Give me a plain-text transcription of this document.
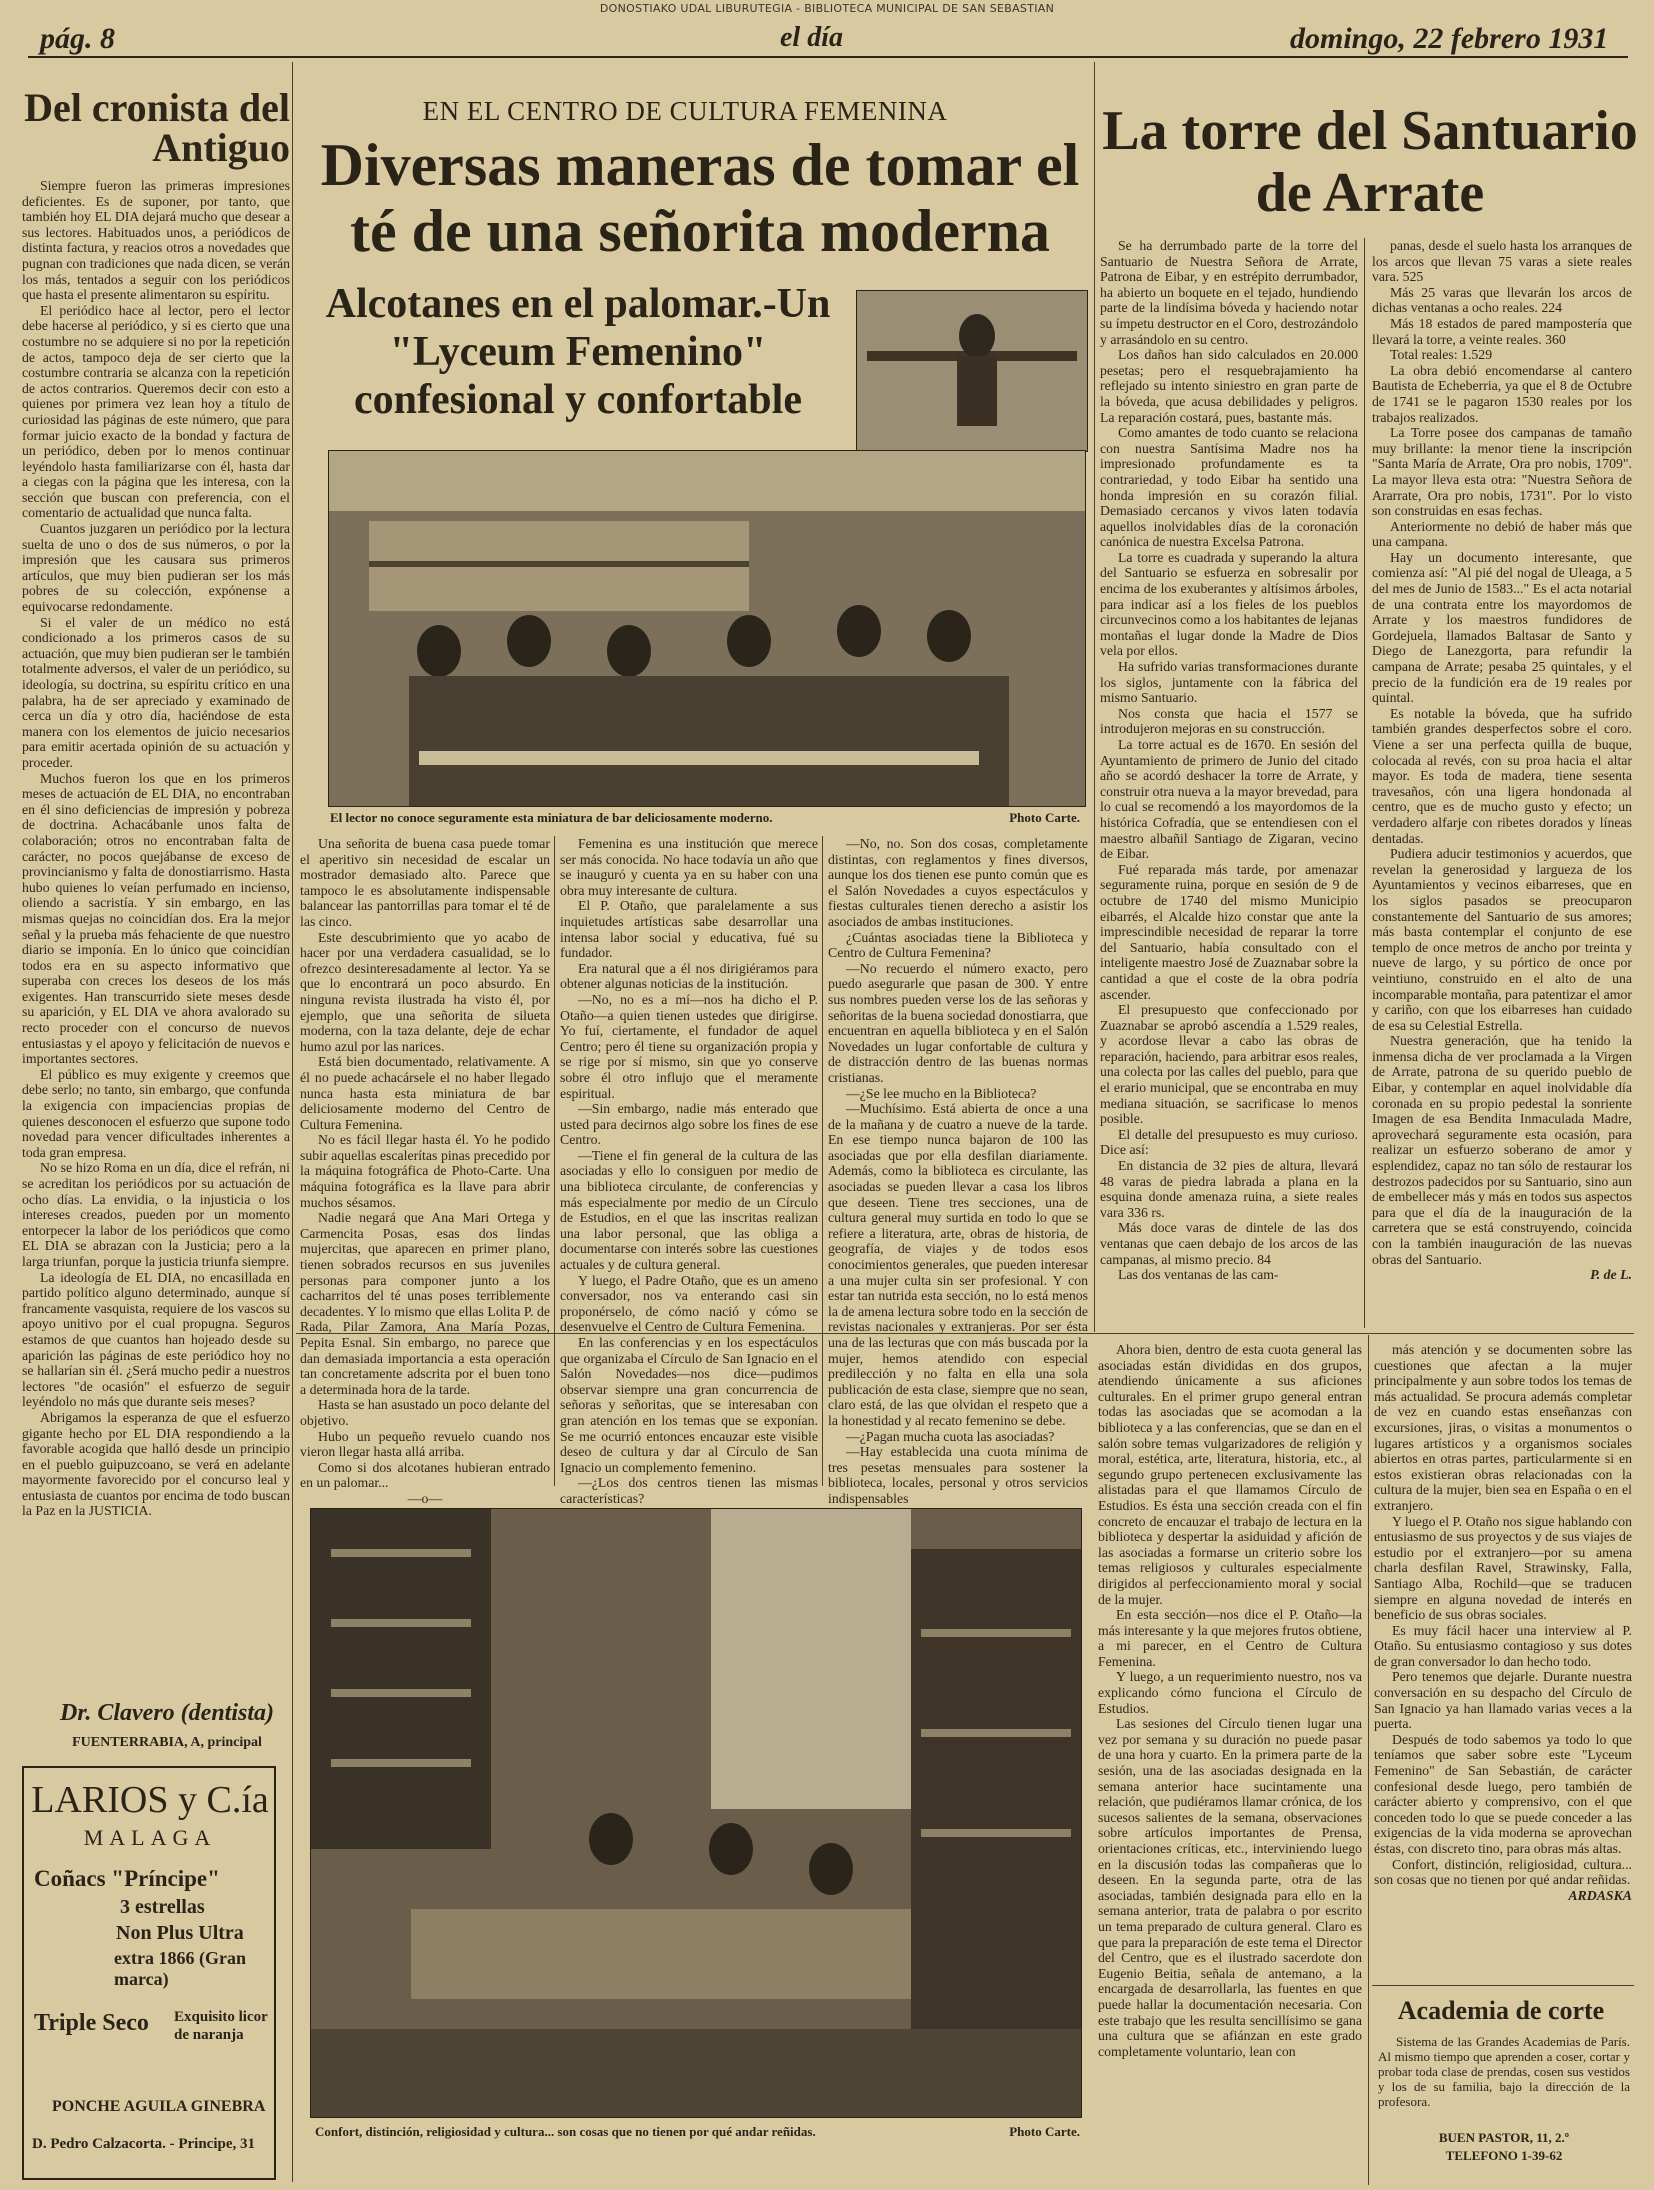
DONOSTIAKO UDAL LIBURUTEGIA - BIBLIOTECA MUNICIPAL DE SAN SEBASTIAN
pág. 8	el día	domingo, 22 febrero 1931
Del cronista del Antiguo

Siempre fueron las primeras impresiones deficientes. Es de suponer, por tanto, que también hoy EL DIA dejará mucho que desear a sus lectores. Habituados unos, a periódicos de distinta factura, y reacios otros a novedades que pugnan con tradiciones que nada dicen, se verán los más, tentados a seguir con los periódicos que hasta el presente alimentaron su espíritu.

El periódico hace al lector, pero el lector debe hacerse al periódico, y si es cierto que una costumbre no se adquiere si no por la repetición de actos, tampoco deja de ser cierto que la costumbre contraria se alcanza con la repetición de actos contrarios. Queremos decir con esto a quienes por primera vez lean hoy a título de curiosidad las páginas de este número, que para formar juicio exacto de la bondad y factura de un periódico, deben por lo menos continuar leyéndolo hasta familiarizarse con él, hasta dar a ciegas con la página que les interesa, con la sección que buscan con preferencia, con el comentario de actualidad que nunca falta.

Cuantos juzgaren un periódico por la lectura suelta de uno o dos de sus números, o por la impresión que les causara sus primeros artículos, que muy bien pudieran ser los más pobres de su colección, expónense a equivocarse redondamente.

Si el valer de un médico no está condicionado a los primeros casos de su actuación, que muy bien pudieran ser le también totalmente adversos, el valer de un periódico, su ideología, su doctrina, su espíritu crítico en una palabra, ha de ser apreciado y examinado de cerca un día y otro día, haciéndose de esta manera con los elementos de juicio necesarios para emitir acertada opinión de su actuación y proceder.

Muchos fueron los que en los primeros meses de actuación de EL DIA, no encontraban en él sino deficiencias de impresión y pobreza de doctrina. Achacábanle unos falta de colaboración; otros no encontraban falta de carácter, no pocos quejábanse de exceso de provincianismo y falta de donostiarrismo. Hasta hubo quienes lo veían perfumado en incienso, oliendo a sacristía. Y sin embargo, en las mismas quejas no coincidían dos. Era la mejor señal y la prueba más fehaciente de que nuestro diario se imponía. En lo único que coincidían todos era en su aspecto informativo que superaba con creces los deseos de los más exigentes. Han transcurrido siete meses desde su aparición, y EL DIA ve ahora avalorado su recto proceder con el concurso de nuevos entusiastas y el apoyo y felicitación de nuevos e importantes sectores.

El público es muy exigente y creemos que debe serlo; no tanto, sin embargo, que confunda la exigencia con impaciencias propias de quienes desconocen el esfuerzo que supone todo novedad para vencer dificultades inherentes a toda gran empresa.

No se hizo Roma en un día, dice el refrán, ni se acreditan los periódicos por su actuación de ocho días. La envidia, o la injusticia o los intereses creados, pueden por un momento entorpecer la labor de los periódicos que como EL DIA se abrazan con la Justicia; pero a la larga triunfan, porque la justicia triunfa siempre.

La ideología de EL DIA, no encasillada en partido político alguno determinado, aunque sí francamente vasquista, requiere de los vascos su apoyo unitivo por el cual propugna. Seguros estamos de que cuantos han hojeado desde su aparición las páginas de este periódico hoy no se hallarían sin él. ¿Será mucho pedir a nuestros lectores "de ocasión" el esfuerzo de seguir leyéndolo no más que durante seis meses?

Abrigamos la esperanza de que el esfuerzo gigante hecho por EL DIA respondiendo a la favorable acogida que halló desde un principio en el pueblo guipuzcoano, se verá en adelante mayormente favorecido por el concurso leal y entusiasta de cuantos por encima de todo buscan la Paz en la JUSTICIA.

Dr. Clavero (dentista)
FUENTERRABIA, A, principal
LARIOS y C.ía
MALAGA
Coñacs "Príncipe"
3 estrellas
Non Plus Ultra
extra 1866 (Gran marca)
Triple Seco Exquisito licor de naranja
PONCHE AGUILA GINEBRA
D. Pedro Calzacorta. - Principe, 31
EN EL CENTRO DE CULTURA FEMENINA
Diversas maneras de tomar el té de una señorita moderna
Alcotanes en el palomar.-Un "Lyceum Femenino" confesional y confortable
El lector no conoce seguramente esta miniatura de bar deliciosamente moderno.	Photo Carte.

Una señorita de buena casa puede tomar el aperitivo sin necesidad de escalar un mostrador demasiado alto. Parece que tampoco le es absolutamente indispensable balancear las pantorrillas para tomar el té de las cinco.

Este descubrimiento que yo acabo de hacer por una verdadera casualidad, se lo ofrezco desinteresadamente al lector. Ya se que lo encontrará un poco absurdo. En ninguna revista ilustrada ha visto él, por ejemplo, que una señorita de silueta moderna, con la taza delante, deje de echar humo azul por las narices.

Está bien documentado, relativamente. A él no puede achacársele el no haber llegado nunca hasta esta miniatura de bar deliciosamente moderno del Centro de Cultura Femenina.

No es fácil llegar hasta él. Yo he podido subir aquellas escalerítas pinas precedido por la máquina fotográfica de Photo-Carte. Una máquina fotográfica es la llave para abrir muchos sésamos.

Nadie negará que Ana Mari Ortega y Carmencita Posas, esas dos lindas mujercitas, que aparecen en primer plano, tienen sobrados recursos en sus juveniles personas para componer junto a los cacharritos del té unas poses terriblemente decadentes. Y lo mismo que ellas Lolita P. de Rada, Pilar Zamora, Ana María Pozas, Pepita Esnal. Sin embargo, no parece que dan demasiada importancia a esta operación tan concretamente adscrita por el buen tono a determinada hora de la tarde.

Hasta se han asustado un poco delante del objetivo.

Hubo un pequeño revuelo cuando nos vieron llegar hasta allá arriba.

Como si dos alcotanes hubieran entrado en un palomar...

—o—

Femenina es una institución que merece ser más conocida. No hace todavía un año que se inauguró y cuenta ya en su haber con una obra muy interesante de cultura.

El P. Otaño, que paralelamente a sus inquietudes artísticas sabe desarrollar una intensa labor social y educativa, fué su fundador.

Era natural que a él nos dirigiéramos para obtener algunas noticias de la institución.

—No, no es a mí—nos ha dicho el P. Otaño—a quien tienen ustedes que dirigirse. Yo fuí, ciertamente, el fundador de aquel Centro; pero él tiene su organización propia y se rige por sí mismo, sin que yo conserve sobre él otro influjo que el meramente espiritual.

—Sin embargo, nadie más enterado que usted para decirnos algo sobre los fines de ese Centro.

—Tiene el fin general de la cultura de las asociadas y ello lo consiguen por medio de una biblioteca circulante, de conferencias y más especialmente por medio de un Círculo de Estudios, en el que las inscritas realizan una labor personal, que las obliga a documentarse con interés sobre las cuestiones actuales y de cultura general.

Y luego, el Padre Otaño, que es un ameno conversador, nos va enterando casi sin proponérselo, de cómo nació y cómo se desenvuelve el Centro de Cultura Femenina.

En las conferencias y en los espectáculos que organizaba el Círculo de San Ignacio en el Salón Novedades—nos dice—pudimos observar siempre una gran concurrencia de señoras y señoritas, que se interesaban con gran atención en los temas que se exponían. Se me ocurrió entonces encauzar este visible deseo de cultura y dar al Círculo de San Ignacio un complemento femenino.

—¿Los dos centros tienen las mismas características?

—No, no. Son dos cosas, completamente distintas, con reglamentos y fines diversos, aunque los dos tienen ese punto común que es el Salón Novedades a cuyos espectáculos y fiestas culturales tienen derecho a asistir los asociados de ambas instituciones.

¿Cuántas asociadas tiene la Biblioteca y Centro de Cultura Femenina?

—No recuerdo el número exacto, pero puedo asegurarle que pasan de 300. Y entre sus nombres pueden verse los de las señoras y señoritas de la buena sociedad donostiarra, que encuentran en aquella biblioteca y en el Salón Novedades un lugar confortable de cultura y de distracción dentro de las buenas normas cristianas.

—¿Se lee mucho en la Biblioteca?

—Muchísimo. Está abierta de once a una de la mañana y de cuatro a nueve de la tarde. En ese tiempo nunca bajaron de 100 las asociadas que por ella desfilan diariamente. Además, como la biblioteca es circulante, las asociadas se pueden llevar a casa los libros que deseen. Tiene tres secciones, una de cultura general muy surtida en todo lo que se refiere a literatura, arte, obras de historia, de geografía, de viajes y de todos esos conocimientos generales, que pueden interesar a una mujer culta sin ser profesional. Y con estar tan nutrida esta sección, no lo está menos la de amena lectura sobre todo en la sección de revistas nacionales y extranjeras. Por ser ésta una de las lecturas que con más buscada por la mujer, hemos atendido con especial predilección y no falta en ella una sola publicación de esta clase, siempre que no sean, claro está, de las que olvidan el respeto que a la honestidad y al recato femenino se debe.

—¿Pagan mucha cuota las asociadas?

—Hay establecida una cuota mínima de tres pesetas mensuales para sostener la biblioteca, locales, personal y otros servicios indispensables

Confort, distinción, religiosidad y cultura... son cosas que no tienen por qué andar reñidas.	Photo Carte.

Ahora bien, dentro de esta cuota general las asociadas están divididas en dos grupos, atendiendo únicamente a sus aficiones culturales. En el primer grupo general entran todas las asociadas que se acomodan a la biblioteca y a las conferencias, que se dan en el salón sobre temas vulgarizadores de religión y moral, estética, arte, literatura, historia, etc., al segundo grupo pertenecen exclusivamente las alistadas para el que llamamos Círculo de Estudios. Es ésta una sección creada con el fin concreto de encauzar el trabajo de lectura en la biblioteca y despertar la asiduidad y afición de las asociadas a formarse un criterio sobre los temas religiosos y culturales especialmente dirigidos al perfeccionamiento moral y social de la mujer.

En esta sección—nos dice el P. Otaño—la más interesante y la que mejores frutos obtiene, a mi parecer, en el Centro de Cultura Femenina.

Y luego, a un requerimiento nuestro, nos va explicando cómo funciona el Círculo de Estudios.

Las sesiones del Círculo tienen lugar una vez por semana y su duración no puede pasar de una hora y cuarto. En la primera parte de la sesión, una de las asociadas designada en la semana anterior hace sucintamente una relación, que pudiéramos llamar crónica, de los sucesos salientes de la semana, observaciones sobre artículos importantes de Prensa, orientaciones críticas, etc., interviniendo luego en la discusión todas las compañeras que lo deseen. En la segunda parte, otra de las asociadas, también designada para ello en la semana anterior, trata de palabra o por escrito un tema preparado de cultura general. Claro es que para la preparación de este tema el Director del Centro, que es el ilustrado sacerdote don Eugenio Beitia, señala de antemano, a la encargada de desarrollarla, las fuentes en que puede hallar la documentación necesaria. Con este trabajo que les resulta sencillísimo se gana una cultura que se afiánzan en este grado completamente voluntario, lean con

más atención y se documenten sobre las cuestiones que afectan a la mujer principalmente y aun sobre todos los temas de más actualidad. Se procura además completar de vez en cuando estas enseñanzas con excursiones, jiras, o visitas a monumentos o lugares artísticos y a organismos sociales abiertos en otras partes, particularmente si en estos existieran obras relacionadas con la cultura de la mujer, bien sea en España o en el extranjero.

Y luego el P. Otaño nos sigue hablando con entusiasmo de sus proyectos y de sus viajes de estudio por el extranjero—por su amena charla desfilan Ravel, Strawinsky, Falla, Santiago Alba, Rochild—que se traducen siempre en alguna novedad de interés en beneficio de sus obras sociales.

Es muy fácil hacer una interview al P. Otaño. Su entusiasmo contagioso y sus dotes de gran conversador lo dan hecho todo.

Pero tenemos que dejarle. Durante nuestra conversación en su despacho del Círculo de San Ignacio ya han llamado varias veces a la puerta.

Después de todo sabemos ya todo lo que teníamos que saber sobre este "Lyceum Femenino" de San Sebastián, de carácter confesional desde luego, pero también de carácter abierto y comprensivo, con el que conceden todo lo que se puede conceder a las exigencias de la vida moderna se aprovechan éstas, con discreto tino, para obras más altas.

Confort, distinción, religiosidad, cultura... son cosas que no tienen por qué andar reñidas.

ARDASKA
La torre del Santuario de Arrate

Se ha derrumbado parte de la torre del Santuario de Nuestra Señora de Arrate, Patrona de Eibar, y en estrépito derrumbador, ha abierto un boquete en el tejado, hundiendo parte de la lindísima bóveda y haciendo notar su ímpetu destructor en el Coro, destrozándolo y arrasándolo en su centro.

Los daños han sido calculados en 20.000 pesetas; pero el resquebrajamiento ha reflejado su intento siniestro en gran parte de la bóveda, que acusa debilidades y peligros. La reparación costará, pues, bastante más.

Como amantes de todo cuanto se relaciona con nuestra Santísima Madre nos ha impresionado profundamente es ta contrariedad, y todo Eibar ha sentido una honda impresión en su corazón filial. Demasiado cercanos y vivos laten todavía aquellos inolvidables días de la coronación canónica de nuestra Excelsa Patrona.

La torre es cuadrada y superando la altura del Santuario se esfuerza en sobresalir por encima de los exuberantes y altísimos árboles, para indicar así a los fieles de los pueblos circunvecinos como a los habitantes de lejanas montañas el lugar donde la Madre de Dios vela por ellos.

Ha sufrido varias transformaciones durante los siglos, juntamente con la fábrica del mismo Santuario.

Nos consta que hacia el 1577 se introdujeron mejoras en su construcción.

La torre actual es de 1670. En sesión del Ayuntamiento de primero de Junio del citado año se acordó deshacer la torre de Arrate, y construir otra nueva a la mayor brevedad, para lo cual se recomendó a los mayordomos de la histórica Cofradía, que se entendiesen con el maestro albañil Santiago de Zigaran, vecino de Eibar.

Fué reparada más tarde, por amenazar seguramente ruina, porque en sesión de 9 de octubre de 1740 del mismo Municipio eibarrés, el Alcalde hizo constar que ante la imprescindible necesidad de reparar la torre del Santuario, había consultado con el inteligente maestro José de Zuaznabar sobre la cantidad a que el coste de la obra podría ascender.

El presupuesto que confeccionado por Zuaznabar se aprobó ascendía a 1.529 reales, y acordose llevar a cabo las obras de reparación, haciendo, para arbitrar esos reales, una colecta por las calles del pueblo, para que el erario municipal, que se encontraba en muy mediana situación, se sacrificase lo menos posible.

El detalle del presupuesto es muy curioso. Dice así:

En distancia de 32 pies de altura, llevará 48 varas de piedra labrada a plana en la esquina donde amenaza ruina, a siete reales vara 336 rs.

Más doce varas de dintele de las dos ventanas que caen debajo de los arcos de las campanas, al mismo precio. 84

Las dos ventanas de las cam-

panas, desde el suelo hasta los arranques de los arcos que llevan 75 varas a siete reales vara. 525

Más 25 varas que llevarán los arcos de dichas ventanas a ocho reales. 224

Más 18 estados de pared mampostería que llevará la torre, a veinte reales. 360

Total reales: 1.529

La obra debió encomendarse al cantero Bautista de Echeberria, ya que el 8 de Octubre de 1741 se le pagaron 1530 reales por los trabajos realizados.

La Torre posee dos campanas de tamaño muy brillante: la menor tiene la inscripción "Santa María de Arrate, Ora pro nobis, 1709". La mayor lleva esta otra: "Nuestra Señora de Ararrate, Ora pro nobis, 1731". Por lo visto son construidas en esas fechas.

Anteriormente no debió de haber más que una campana.

Hay un documento interesante, que comienza así: "Al pié del nogal de Uleaga, a 5 del mes de Junio de 1583..." Es el acta notarial de una contrata entre los mayordomos de Arrate y los maestros fundidores de Gordejuela, llamados Baltasar de Santo y Diego de Lanezgorta, para refundir la campana de Arrate; pesaba 25 quintales, y el precio de la fundición era de 19 reales por quintal.

Es notable la bóveda, que ha sufrido también grandes desperfectos sobre el coro. Viene a ser una perfecta quilla de buque, colocada al revés, con su proa hacia el altar mayor. Es toda de madera, tiene sesenta travesaños, cón una ligera hondonada al centro, que es de mucho gusto y efecto; un verdadero alfarje con ribetes dorados y líneas dentadas.

Pudiera aducir testimonios y acuerdos, que revelan la generosidad y largueza de los Ayuntamientos y vecinos eibarreses, que en los siglos pasados se preocuparon constantemente del Santuario de sus amores; más basta contemplar el conjunto de ese templo de once metros de ancho por treinta y nueve de largo, y su pórtico de once por veintiuno, construido en el alto de una incomparable montaña, para patentizar el amor y cariño, con que los eibarreses han cuidado de esa su Celestial Estrella.

Nuestra generación, que ha tenido la inmensa dicha de ver proclamada a la Virgen de Arrate, patrona de su querido pueblo de Eibar, y contemplar en aquel inolvidable día coronada en su propio pedestal la sonriente Imagen de esa Bendita Inmaculada Madre, aprovechará seguramente esta ocasión, para realizar un esfuerzo soberano de amor y esplendidez, capaz no tan sólo de restaurar los destrozos padecidos por su Santuario, sino aun de embellecer más y más en todos sus aspectos para que el día de la inauguración de la carretera que se está construyendo, coincida con la también inauguración de las nuevas obras del Santuario.

P. de L.
Academia de corte

Sistema de las Grandes Academias de París. Al mismo tiempo que aprenden a coser, cortar y probar toda clase de prendas, cosen sus vestidos y los de su familia, bajo la dirección de la profesora.

BUEN PASTOR, 11, 2.º
TELEFONO 1-39-62
